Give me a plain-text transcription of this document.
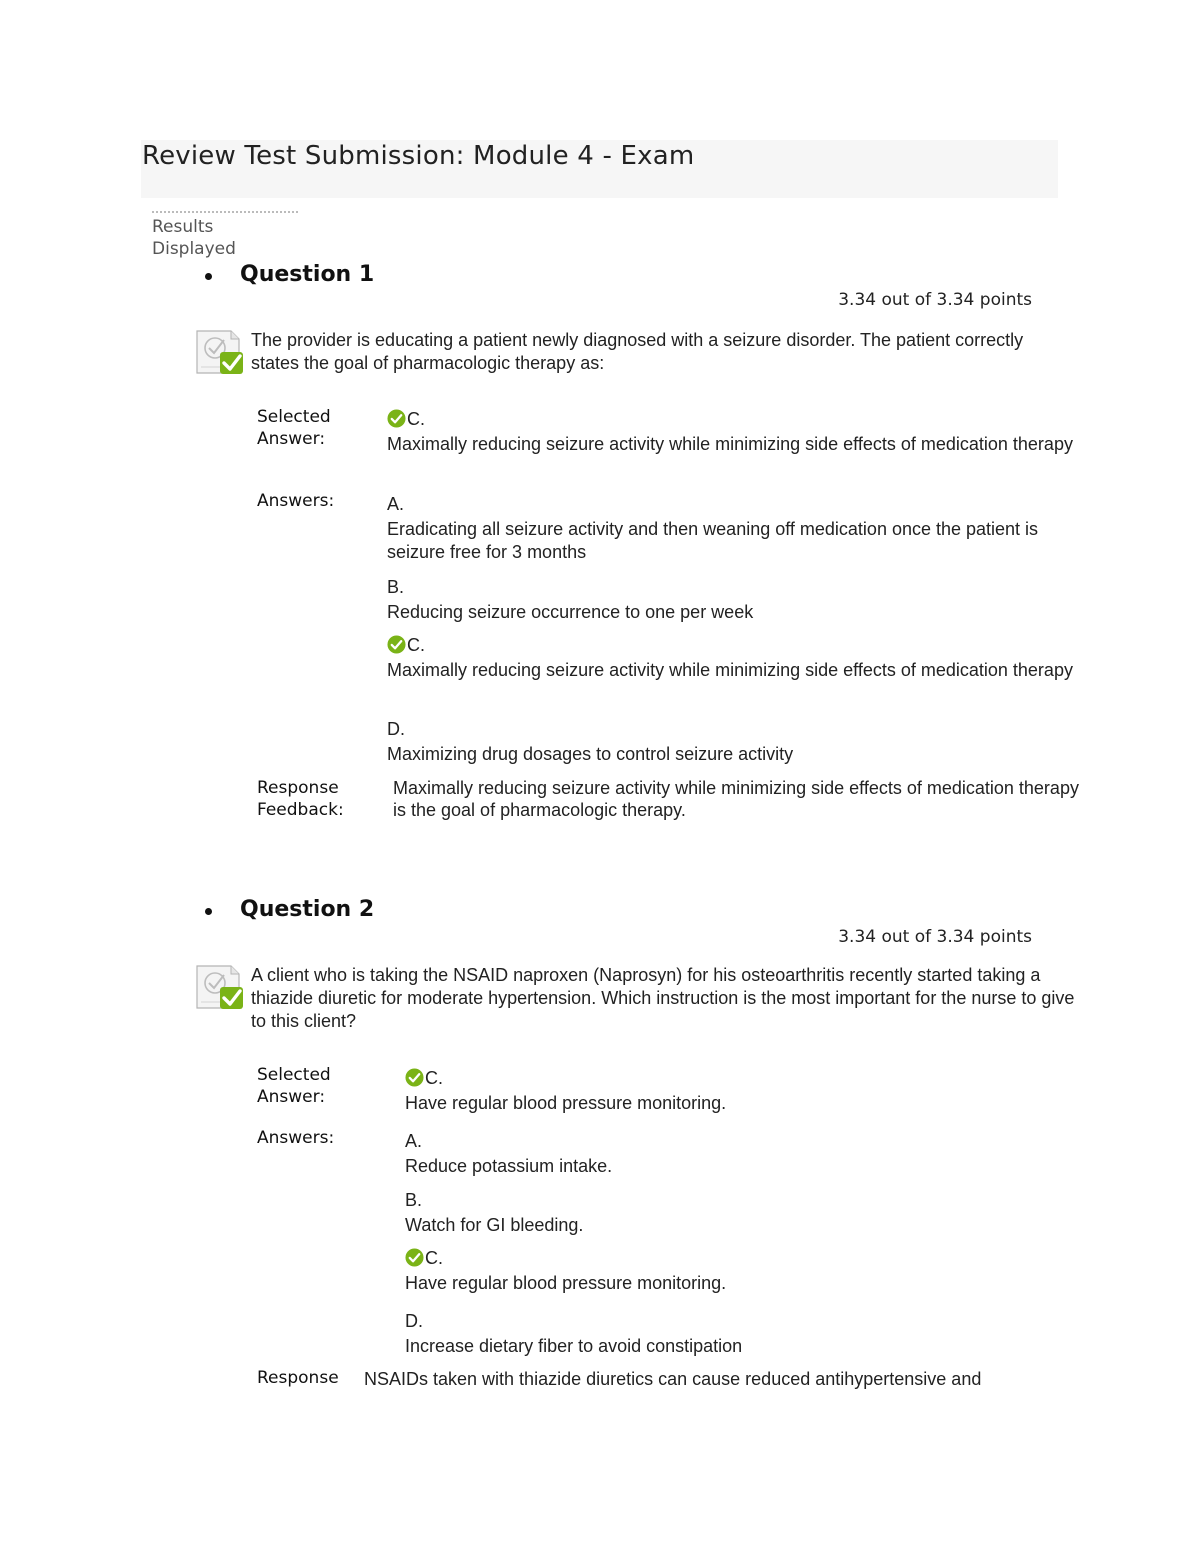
Review Test Submission: Module 4 - Exam
Results Displayed
Question 1
3.34 out of 3.34 points
The provider is educating a patient newly diagnosed with a seizure disorder. The patient correctly states the goal of pharmacologic therapy as:
Selected Answer:
C.
Maximally reducing seizure activity while minimizing side effects of medication therapy
Answers:	A.
Eradicating all seizure activity and then weaning off medication once the patient is seizure free for 3 months
B.
Reducing seizure occurrence to one per week
C.
Maximally reducing seizure activity while minimizing side effects of medication therapy
D.
Maximizing drug dosages to control seizure activity
Response Feedback:
Maximally reducing seizure activity while minimizing side effects of medication therapy is the goal of pharmacologic therapy.
Question 2
3.34 out of 3.34 points
A client who is taking the NSAID naproxen (Naprosyn) for his osteoarthritis recently started taking a thiazide diuretic for moderate hypertension. Which instruction is the most important for the nurse to give to this client?
Selected Answer:
C.
Have regular blood pressure monitoring.
Answers:	A.
Reduce potassium intake.
B.
Watch for GI bleeding.
C.
Have regular blood pressure monitoring.
D.
Increase dietary fiber to avoid constipation
Response NSAIDs taken with thiazide diuretics can cause reduced antihypertensive and
